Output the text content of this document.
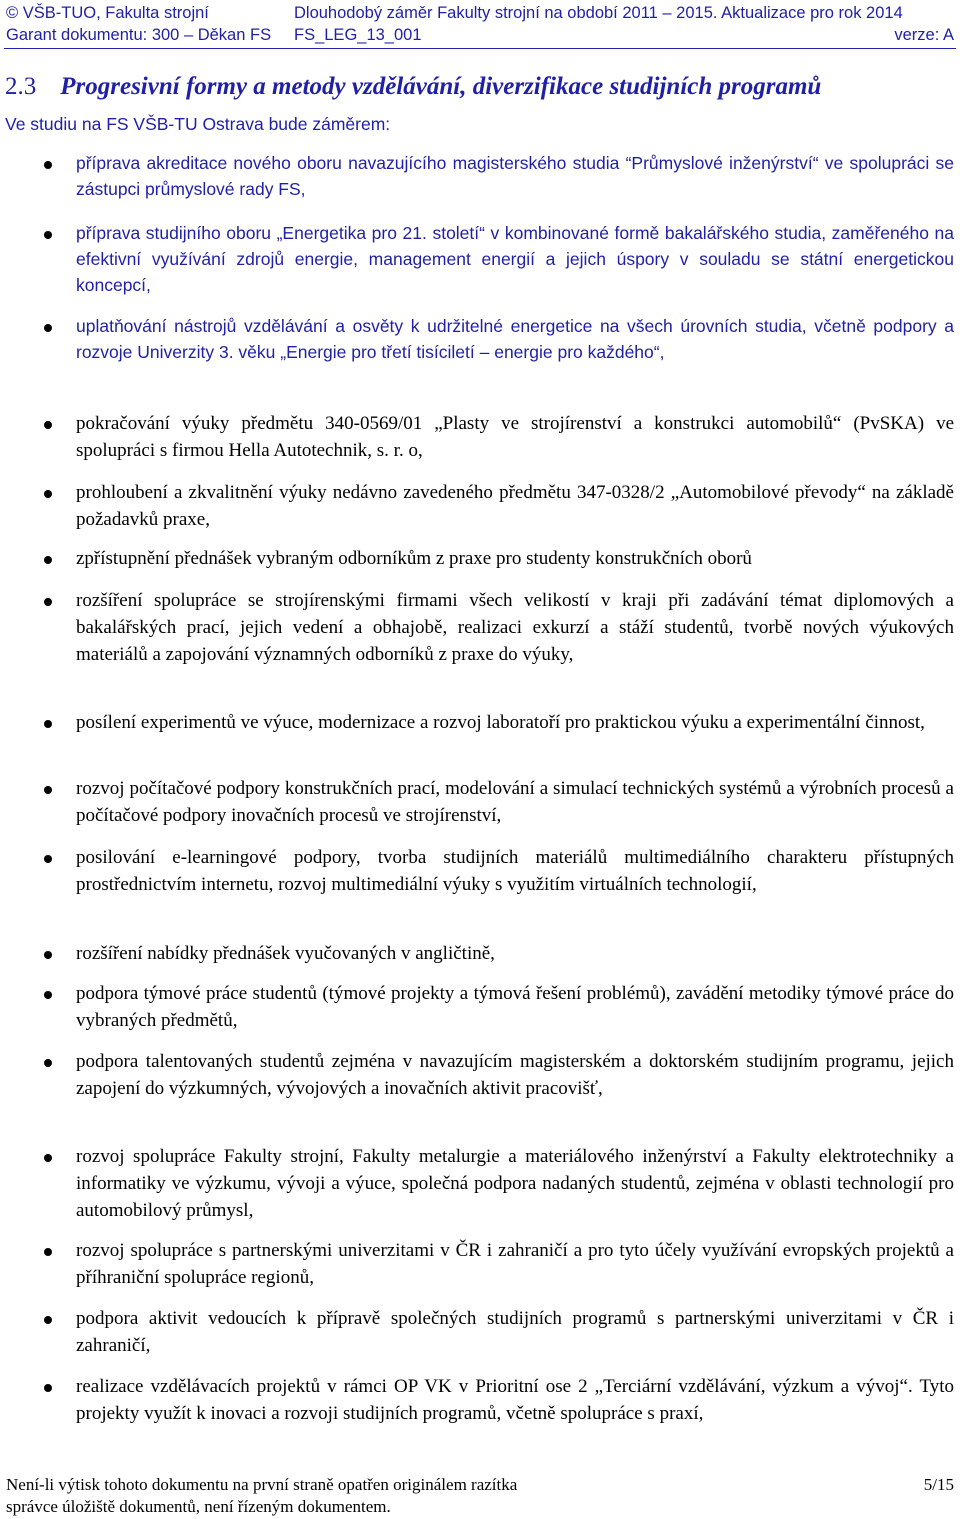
© VŠB-TUO, Fakulta strojní	Dlouhodobý záměr Fakulty strojní na období 2011 – 2015. Aktualizace pro rok 2014
Garant dokumentu: 300 – Děkan FS FS_LEG_13_001	verze: A
2.3 Progresivní formy a metody vzdělávání, diverzifikace studijních programů
Ve studiu na FS VŠB-TU Ostrava bude záměrem:
příprava akreditace nového oboru navazujícího magisterského studia “Průmyslové inženýrství“ ve spolupráci se zástupci průmyslové rady FS,
příprava studijního oboru „Energetika pro 21. století“ v kombinované formě bakalářského studia, zaměřeného na efektivní využívání zdrojů energie, management energií a jejich úspory v souladu se státní energetickou koncepcí,
uplatňování nástrojů vzdělávání a osvěty k udržitelné energetice na všech úrovních studia, včetně podpory a rozvoje Univerzity 3. věku „Energie pro třetí tisíciletí – energie pro každého“,
pokračování výuky předmětu 340-0569/01 „Plasty ve strojírenství a konstrukci automobilů“ (PvSKA) ve spolupráci s firmou Hella Autotechnik, s. r. o,
prohloubení a zkvalitnění výuky nedávno zavedeného předmětu 347-0328/2 „Automobilové převody“ na základě požadavků praxe,
zpřístupnění přednášek vybraným odborníkům z praxe pro studenty konstrukčních oborů
rozšíření spolupráce se strojírenskými firmami všech velikostí v kraji při zadávání témat diplomových a bakalářských prací, jejich vedení a obhajobě, realizaci exkurzí a stáží studentů, tvorbě nových výukových materiálů a zapojování významných odborníků z praxe do výuky,
posílení experimentů ve výuce, modernizace a rozvoj laboratoří pro praktickou výuku a experimentální činnost,
rozvoj počítačové podpory konstrukčních prací, modelování a simulací technických systémů a výrobních procesů a počítačové podpory inovačních procesů ve strojírenství,
posilování e-learningové podpory, tvorba studijních materiálů multimediálního charakteru přístupných prostřednictvím internetu, rozvoj multimediální výuky s využitím virtuálních technologií,
rozšíření nabídky přednášek vyučovaných v angličtině,
podpora týmové práce studentů (týmové projekty a týmová řešení problémů), zavádění metodiky týmové práce do vybraných předmětů,
podpora talentovaných studentů zejména v navazujícím magisterském a doktorském studijním programu, jejich zapojení do výzkumných, vývojových a inovačních aktivit pracovišť,
rozvoj spolupráce Fakulty strojní, Fakulty metalurgie a materiálového inženýrství a Fakulty elektrotechniky a informatiky ve výzkumu, vývoji a výuce, společná podpora nadaných studentů, zejména v oblasti technologií pro automobilový průmysl,
rozvoj spolupráce s partnerskými univerzitami v ČR i zahraničí a pro tyto účely využívání evropských projektů a příhraniční spolupráce regionů,
podpora aktivit vedoucích k přípravě společných studijních programů s partnerskými univerzitami v ČR i zahraničí,
realizace vzdělávacích projektů v rámci OP VK v Prioritní ose 2 „Terciární vzdělávání, výzkum a vývoj“. Tyto projekty využít k inovaci a rozvoji studijních programů, včetně spolupráce s praxí,
Není-li výtisk tohoto dokumentu na první straně opatřen originálem razítka	5/15
správce úložiště dokumentů, není řízeným dokumentem.
